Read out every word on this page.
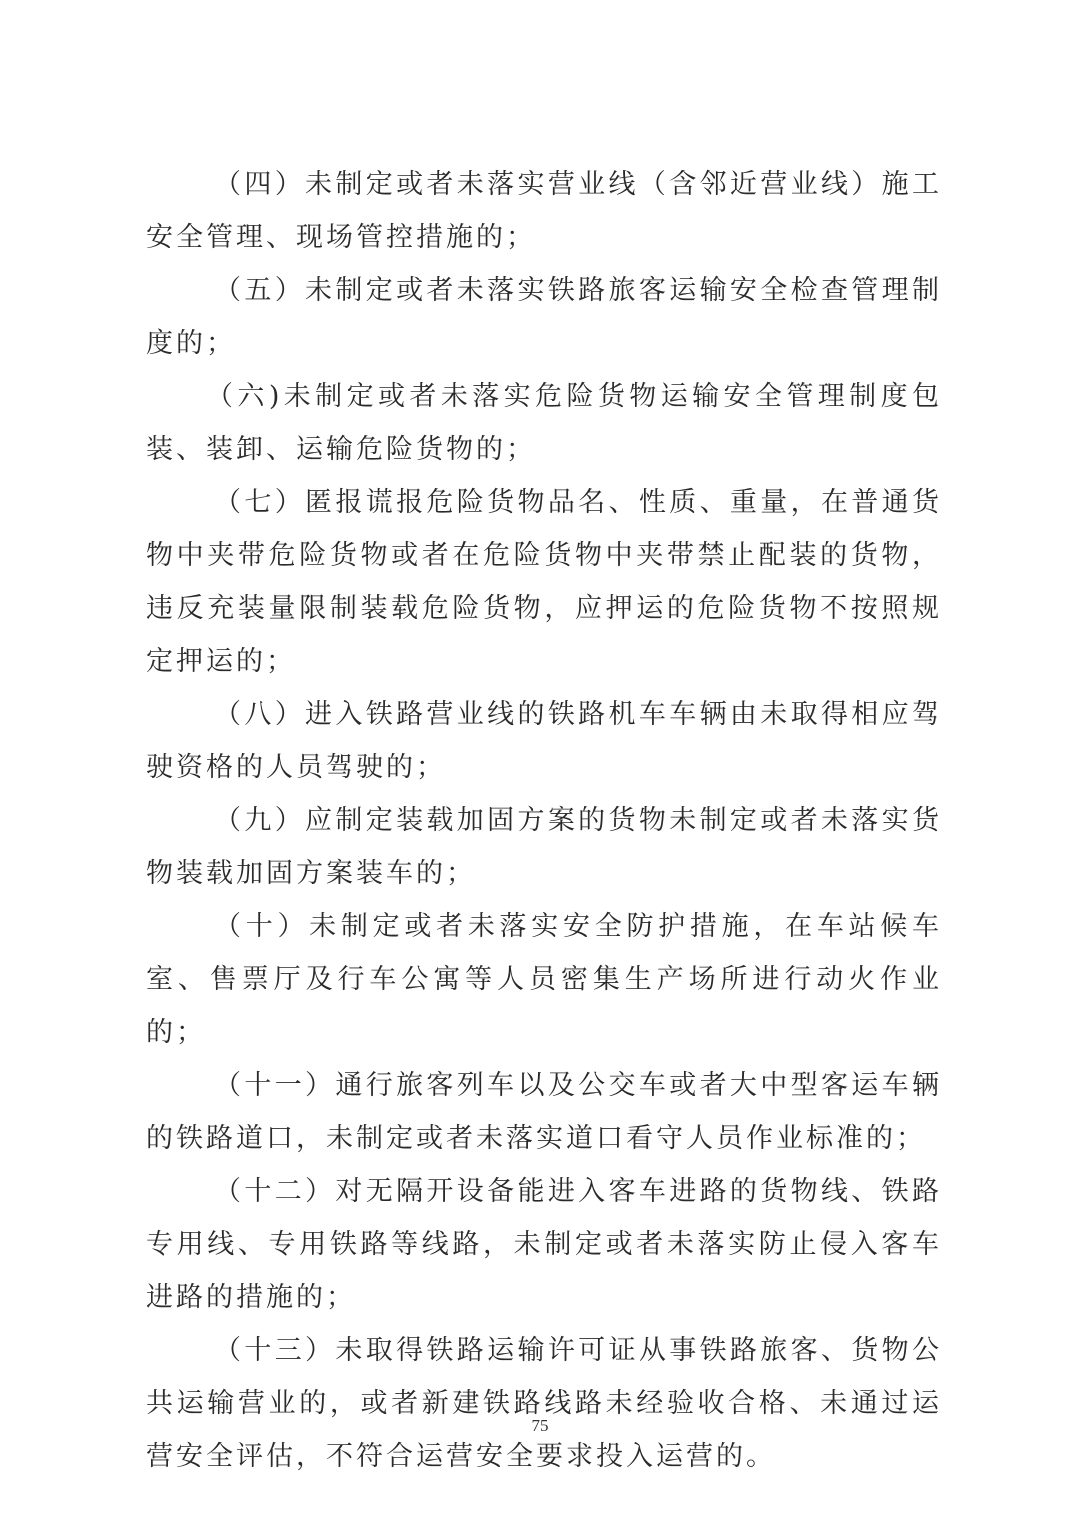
（四）未制定或者未落实营业线（含邻近营业线）施工安全管理、现场管控措施的；

（五）未制定或者未落实铁路旅客运输安全检查管理制度的；

（六)未制定或者未落实危险货物运输安全管理制度包装、装卸、运输危险货物的；

（七）匿报谎报危险货物品名、性质、重量，在普通货物中夹带危险货物或者在危险货物中夹带禁止配装的货物，违反充装量限制装载危险货物，应押运的危险货物不按照规定押运的；

（八）进入铁路营业线的铁路机车车辆由未取得相应驾驶资格的人员驾驶的；

（九）应制定装载加固方案的货物未制定或者未落实货物装载加固方案装车的；

（十）未制定或者未落实安全防护措施，在车站候车室、售票厅及行车公寓等人员密集生产场所进行动火作业的；

（十一）通行旅客列车以及公交车或者大中型客运车辆的铁路道口，未制定或者未落实道口看守人员作业标准的；

（十二）对无隔开设备能进入客车进路的货物线、铁路专用线、专用铁路等线路，未制定或者未落实防止侵入客车进路的措施的；

（十三）未取得铁路运输许可证从事铁路旅客、货物公共运输营业的，或者新建铁路线路未经验收合格、未通过运营安全评估，不符合运营安全要求投入运营的。

75
